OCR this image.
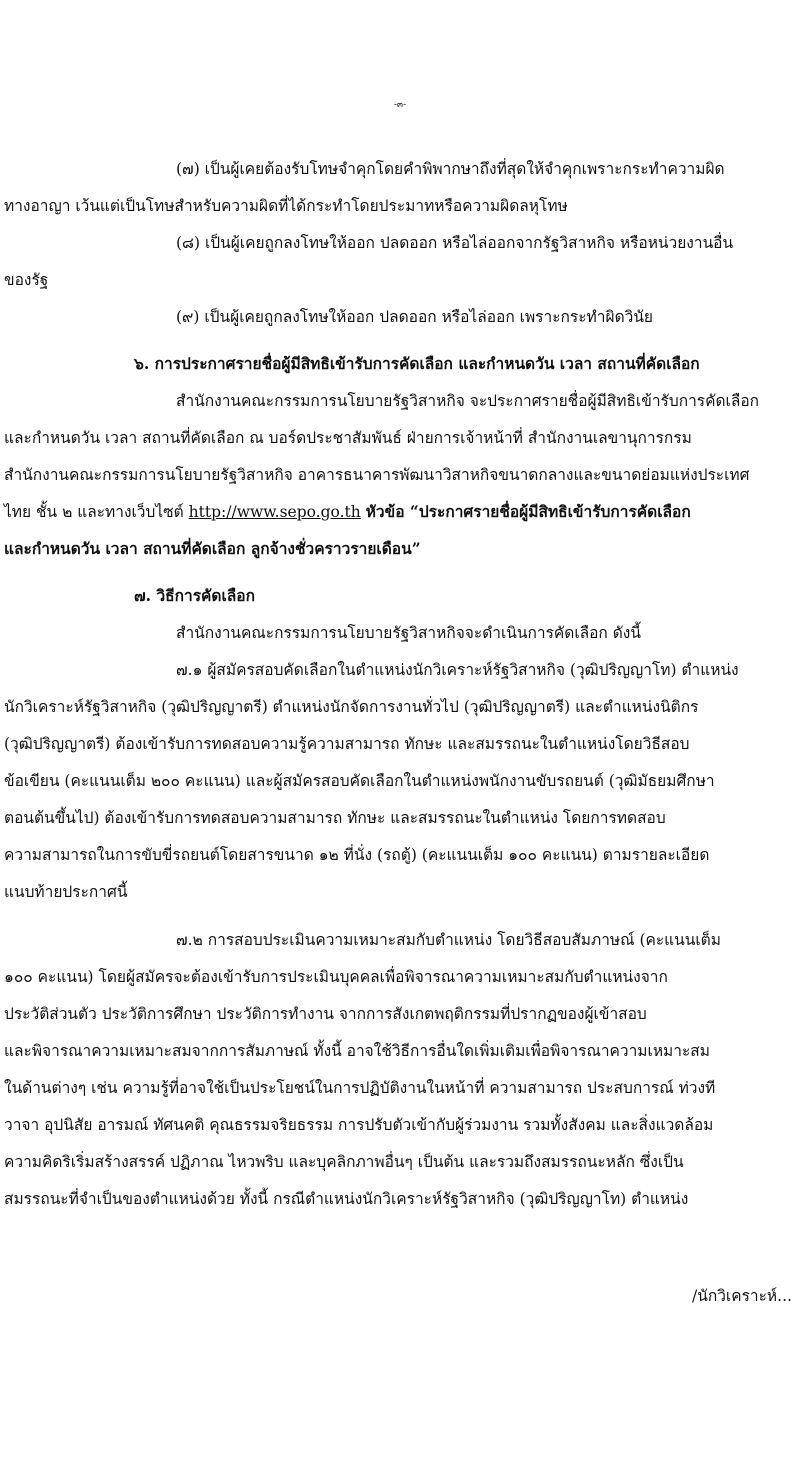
-๓-
(๗) เป็นผู้เคยต้องรับโทษจำคุกโดยคำพิพากษาถึงที่สุดให้จำคุกเพราะกระทำความผิด
ทางอาญา เว้นแต่เป็นโทษสำหรับความผิดที่ได้กระทำโดยประมาทหรือความผิดลหุโทษ
(๘) เป็นผู้เคยถูกลงโทษให้ออก ปลดออก หรือไล่ออกจากรัฐวิสาหกิจ หรือหน่วยงานอื่น
ของรัฐ
(๙) เป็นผู้เคยถูกลงโทษให้ออก ปลดออก หรือไล่ออก เพราะกระทำผิดวินัย
๖. การประกาศรายชื่อผู้มีสิทธิเข้ารับการคัดเลือก และกำหนดวัน เวลา สถานที่คัดเลือก
สำนักงานคณะกรรมการนโยบายรัฐวิสาหกิจ จะประกาศรายชื่อผู้มีสิทธิเข้ารับการคัดเลือก
และกำหนดวัน เวลา สถานที่คัดเลือก ณ บอร์ดประชาสัมพันธ์ ฝ่ายการเจ้าหน้าที่ สำนักงานเลขานุการกรม
สำนักงานคณะกรรมการนโยบายรัฐวิสาหกิจ อาคารธนาคารพัฒนาวิสาหกิจขนาดกลางและขนาดย่อมแห่งประเทศ
ไทย ชั้น ๒ และทางเว็บไซต์ http://www.sepo.go.th หัวข้อ “ประกาศรายชื่อผู้มีสิทธิเข้ารับการคัดเลือก
และกำหนดวัน เวลา สถานที่คัดเลือก ลูกจ้างชั่วคราวรายเดือน”
๗. วิธีการคัดเลือก
สำนักงานคณะกรรมการนโยบายรัฐวิสาหกิจจะดำเนินการคัดเลือก ดังนี้
๗.๑ ผู้สมัครสอบคัดเลือกในตำแหน่งนักวิเคราะห์รัฐวิสาหกิจ (วุฒิปริญญาโท) ตำแหน่ง
นักวิเคราะห์รัฐวิสาหกิจ (วุฒิปริญญาตรี) ตำแหน่งนักจัดการงานทั่วไป (วุฒิปริญญาตรี) และตำแหน่งนิติกร
(วุฒิปริญญาตรี) ต้องเข้ารับการทดสอบความรู้ความสามารถ ทักษะ และสมรรถนะในตำแหน่งโดยวิธีสอบ
ข้อเขียน (คะแนนเต็ม ๒๐๐ คะแนน) และผู้สมัครสอบคัดเลือกในตำแหน่งพนักงานขับรถยนต์ (วุฒิมัธยมศึกษา
ตอนต้นขึ้นไป) ต้องเข้ารับการทดสอบความสามารถ ทักษะ และสมรรถนะในตำแหน่ง โดยการทดสอบ
ความสามารถในการขับขี่รถยนต์โดยสารขนาด ๑๒ ที่นั่ง (รถตู้) (คะแนนเต็ม ๑๐๐ คะแนน) ตามรายละเอียด
แนบท้ายประกาศนี้
๗.๒ การสอบประเมินความเหมาะสมกับตำแหน่ง โดยวิธีสอบสัมภาษณ์ (คะแนนเต็ม
๑๐๐ คะแนน) โดยผู้สมัครจะต้องเข้ารับการประเมินบุคคลเพื่อพิจารณาความเหมาะสมกับตำแหน่งจาก
ประวัติส่วนตัว ประวัติการศึกษา ประวัติการทำงาน จากการสังเกตพฤติกรรมที่ปรากฏของผู้เข้าสอบ
และพิจารณาความเหมาะสมจากการสัมภาษณ์ ทั้งนี้ อาจใช้วิธีการอื่นใดเพิ่มเติมเพื่อพิจารณาความเหมาะสม
ในด้านต่างๆ เช่น ความรู้ที่อาจใช้เป็นประโยชน์ในการปฏิบัติงานในหน้าที่ ความสามารถ ประสบการณ์ ท่วงที
วาจา อุปนิสัย อารมณ์ ทัศนคติ คุณธรรมจริยธรรม การปรับตัวเข้ากับผู้ร่วมงาน รวมทั้งสังคม และสิ่งแวดล้อม
ความคิดริเริ่มสร้างสรรค์ ปฏิภาณ ไหวพริบ และบุคลิกภาพอื่นๆ เป็นต้น และรวมถึงสมรรถนะหลัก ซึ่งเป็น
สมรรถนะที่จำเป็นของตำแหน่งด้วย ทั้งนี้ กรณีตำแหน่งนักวิเคราะห์รัฐวิสาหกิจ (วุฒิปริญญาโท) ตำแหน่ง
/นักวิเคราะห์...
